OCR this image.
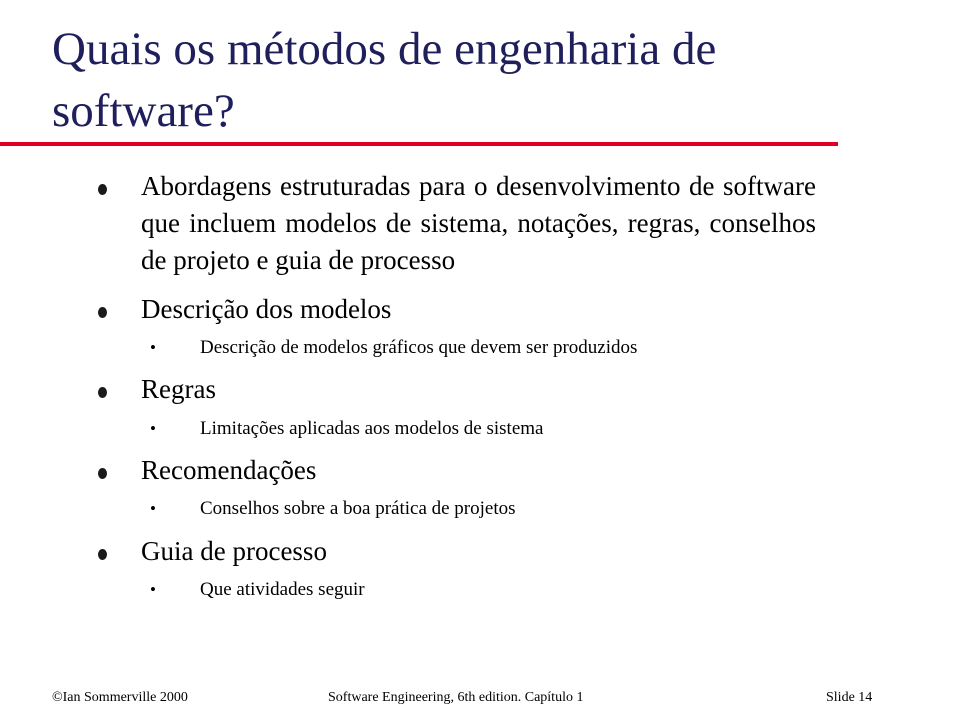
Quais os métodos de engenharia de software?
Abordagens estruturadas para o desenvolvimento de software que incluem modelos de sistema, notações, regras, conselhos de projeto e guia de processo
Descrição dos modelos
• Descrição de modelos gráficos que devem ser produzidos
Regras
• Limitações aplicadas aos modelos de sistema
Recomendações
• Conselhos sobre a boa prática de projetos
Guia de processo
• Que atividades seguir
©Ian Sommerville 2000	Software Engineering, 6th edition. Capítulo 1	Slide 14
